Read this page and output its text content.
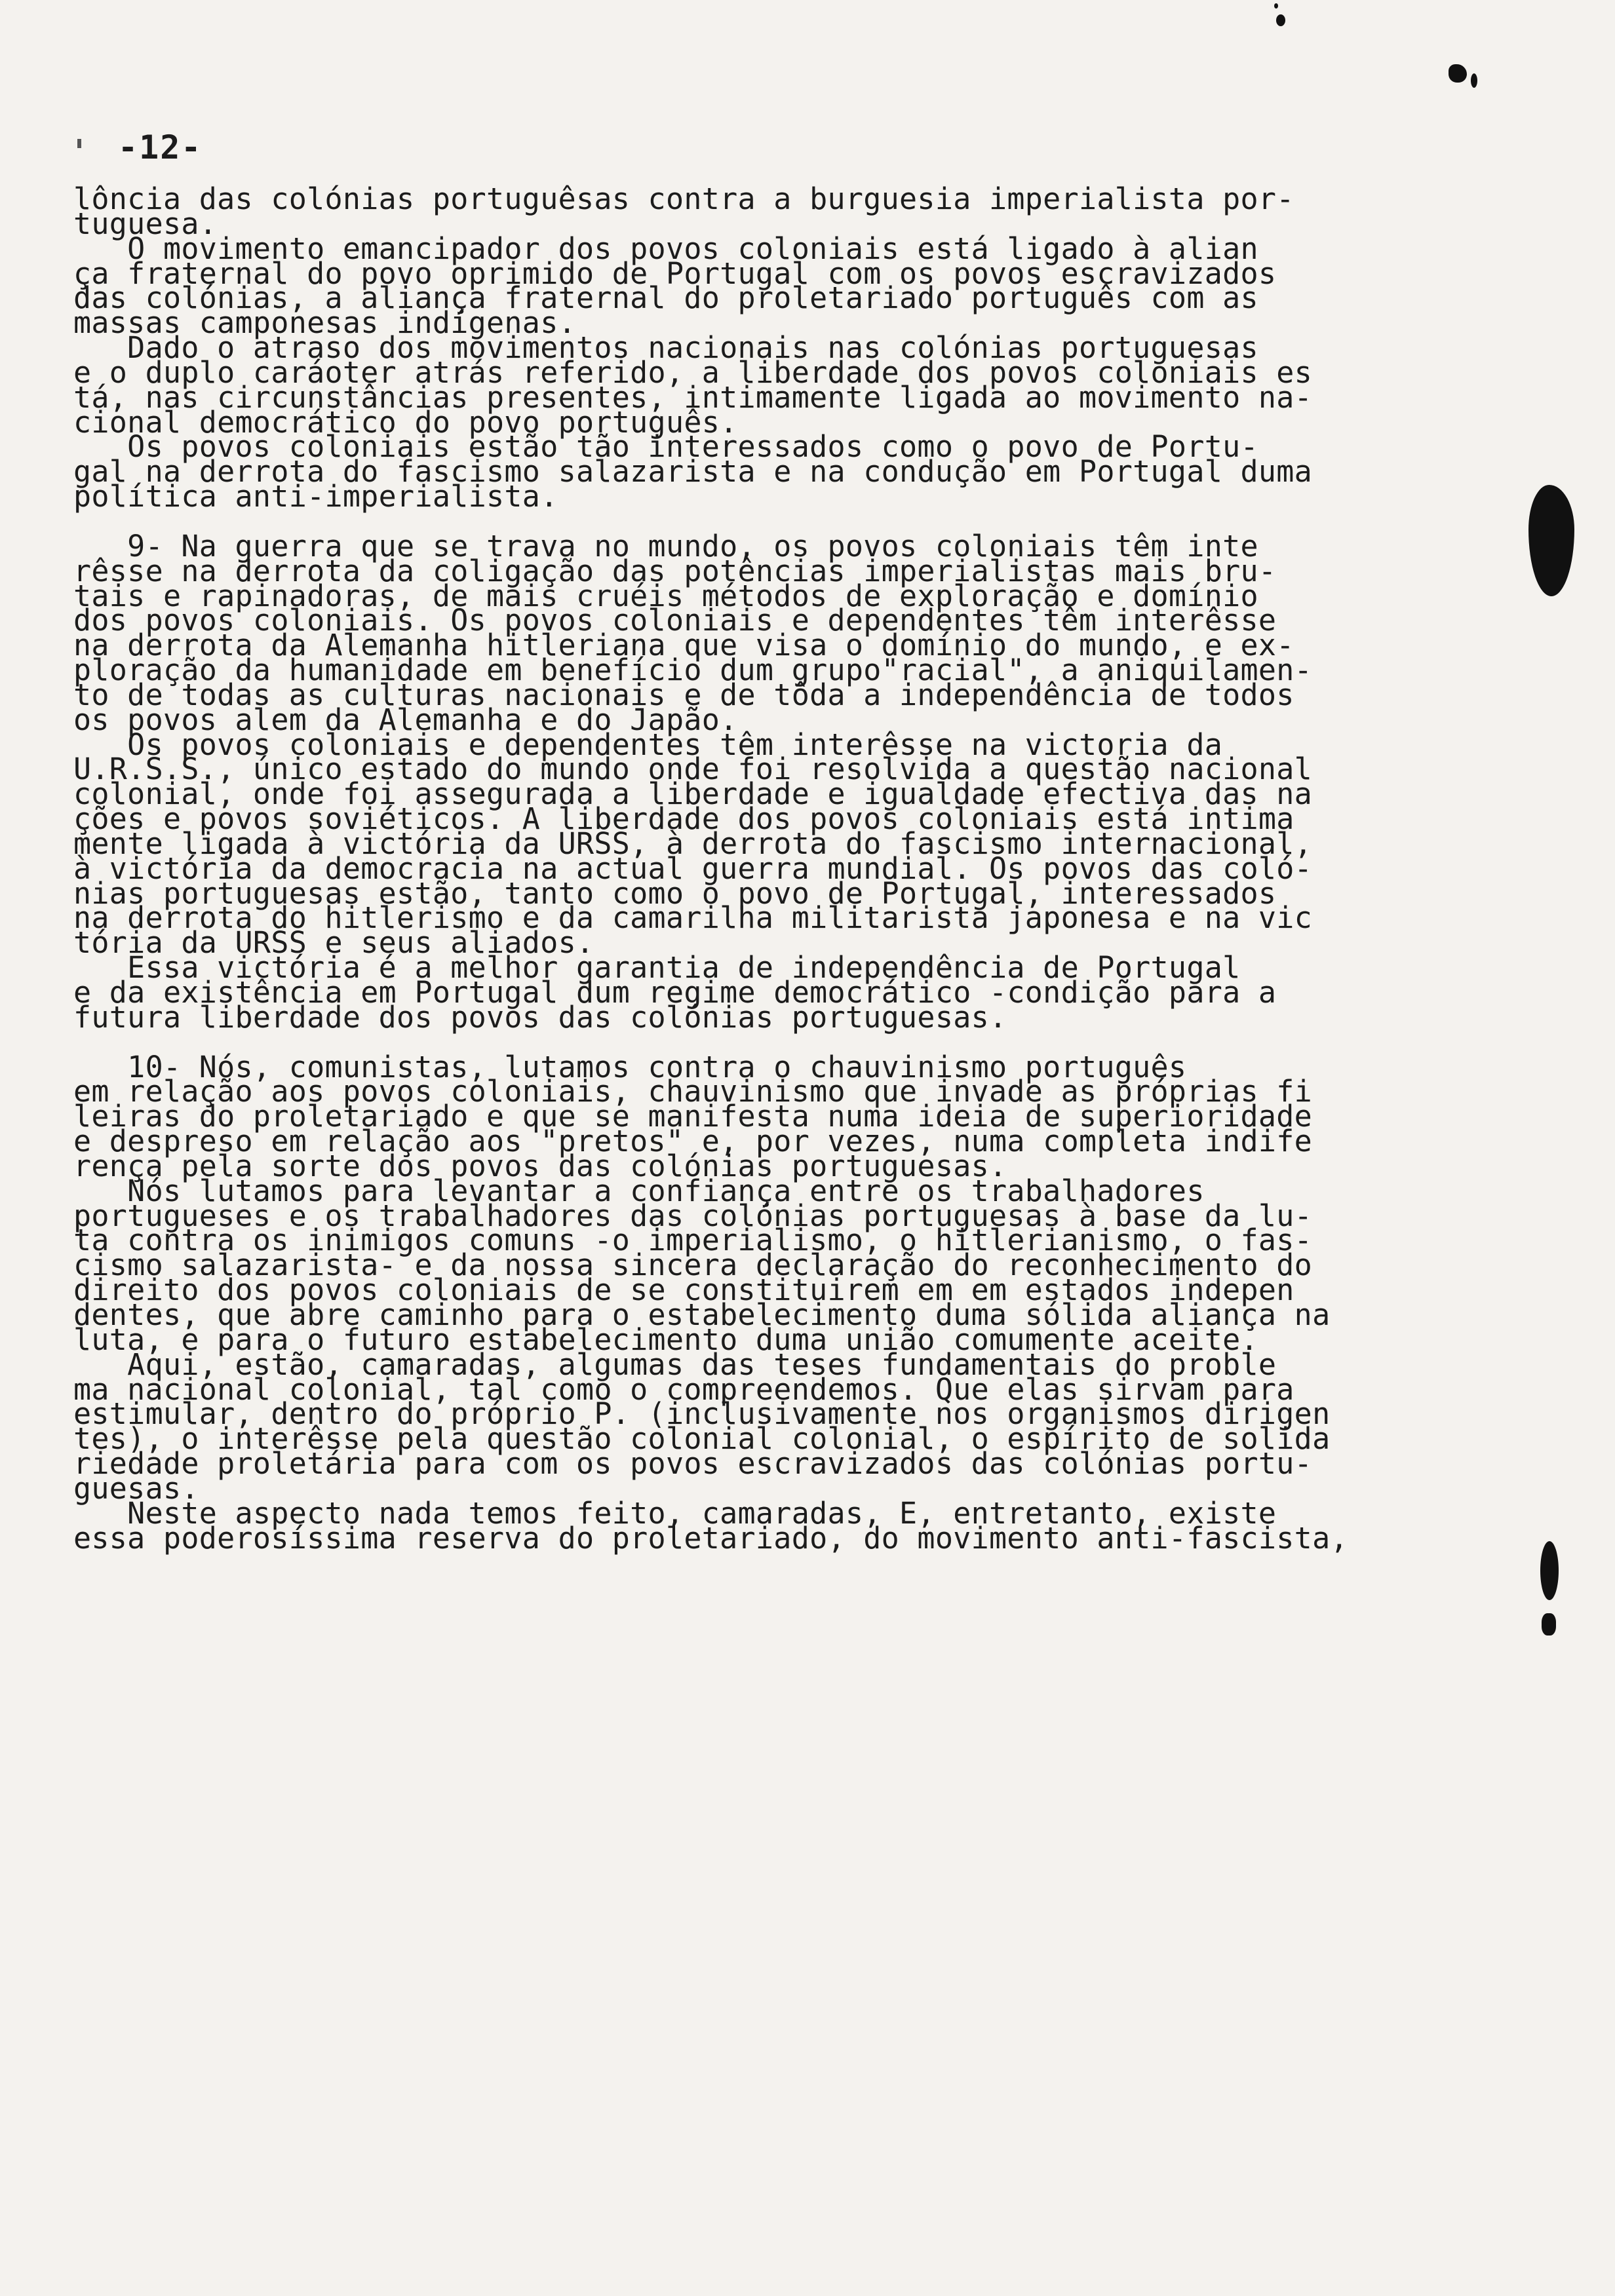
-12-
lôncia das colónias portuguêsas contra a burguesia imperialista por-
tuguesa.
O movimento emancipador dos povos coloniais está ligado à alian
ça fraternal do povo oprimido de Portugal com os povos escravizados
das colónias, a aliança fraternal do proletariado português com as
massas camponesas indígenas.
Dado o atraso dos movimentos nacionais nas colónias portuguesas
e o duplo caráoter atrás referido, a liberdade dos povos coloniais es
tá, nas circunstâncias presentes, intimamente ligada ao movimento na-
cional democrático do povo português.
Os povos coloniais estão tão interessados como o povo de Portu-
gal na derrota do fascismo salazarista e na condução em Portugal duma
política anti-imperialista.
9- Na guerra que se trava no mundo, os povos coloniais têm inte
rêsse na derrota da coligação das potências imperialistas mais bru-
tais e rapinadoras, de mais cruéis métodos de exploração e domínio
dos povos coloniais. Os povos coloniais e dependentes têm interêsse
na derrota da Alemanha hitleriana que visa o domínio do mundo, e ex-
ploração da humanidade em benefício dum grupo"racial", a aniquilamen-
to de todas as culturas nacionais e de tôda a independência de todos
os povos alem da Alemanha e do Japão.
Os povos coloniais e dependentes têm interêsse na victoria da
U.R.S.S., único estado do mundo onde foi resolvida a questão nacional
colonial, onde foi assegurada a liberdade e igualdade efectiva das na
ções e povos soviéticos. A liberdade dos povos coloniais está intima
mente ligada à victória da URSS, à derrota do fascismo internacional,
à victória da democracia na actual guerra mundial. Os povos das coló-
nias portuguesas estão, tanto como o povo de Portugal, interessados
na derrota do hitlerismo e da camarilha militarista japonesa e na vic
tória da URSS e seus aliados.
Essa victória é a melhor garantia de independência de Portugal
e da existência em Portugal dum regime democrático -condição para a
futura liberdade dos povos das colónias portuguesas.
10- Nós, comunistas, lutamos contra o chauvinismo português
em relação aos povos coloniais, chauvinismo que invade as próprias fi
leiras do proletariado e que se manifesta numa ideia de superioridade
e despreso em relação aos "pretos" e, por vezes, numa completa indife
rença pela sorte dos povos das colónias portuguesas.
Nós lutamos para levantar a confiança entre os trabalhadores
portugueses e os trabalhadores das colónias portuguesas à base da lu-
ta contra os inimigos comuns -o imperialismo, o hitlerianismo, o fas-
cismo salazarista- e da nossa sincera declaração do reconhecimento do
direito dos povos coloniais de se constituirem em em estados indepen
dentes, que abre caminho para o estabelecimento duma sólida aliança na
luta, e para o futuro estabelecimento duma união comumente aceite.
Aqui, estão, camaradas, algumas das teses fundamentais do proble
ma nacional colonial, tal como o compreendemos. Que elas sirvam para
estimular, dentro do próprio P. (inclusivamente nos organismos dirigen
tes), o interêsse pela questão colonial colonial, o espírito de solida
riedade proletária para com os povos escravizados das colónias portu-
guesas.
Neste aspecto nada temos feito, camaradas, E, entretanto, existe
essa poderosíssima reserva do proletariado, do movimento anti-fascista,
